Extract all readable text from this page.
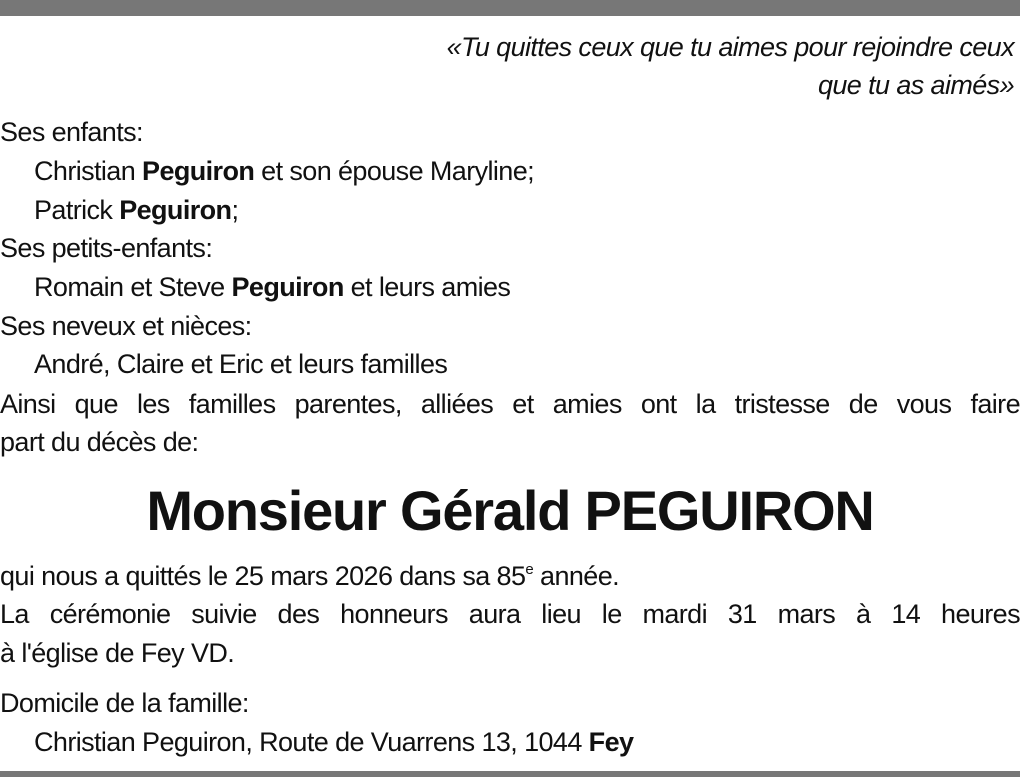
«Tu quittes ceux que tu aimes pour rejoindre ceux
que tu as aimés»
Ses enfants:
Christian Peguiron et son épouse Maryline;
Patrick Peguiron;
Ses petits-enfants:
Romain et Steve Peguiron et leurs amies
Ses neveux et nièces:
André, Claire et Eric et leurs familles
Ainsi que les familles parentes, alliées et amies ont la tristesse de vous faire
part du décès de:
Monsieur Gérald PEGUIRON
qui nous a quittés le 25 mars 2026 dans sa 85e année.
La cérémonie suivie des honneurs aura lieu le mardi 31 mars à 14 heures
à l'église de Fey VD.
Domicile de la famille:
Christian Peguiron, Route de Vuarrens 13, 1044 Fey
